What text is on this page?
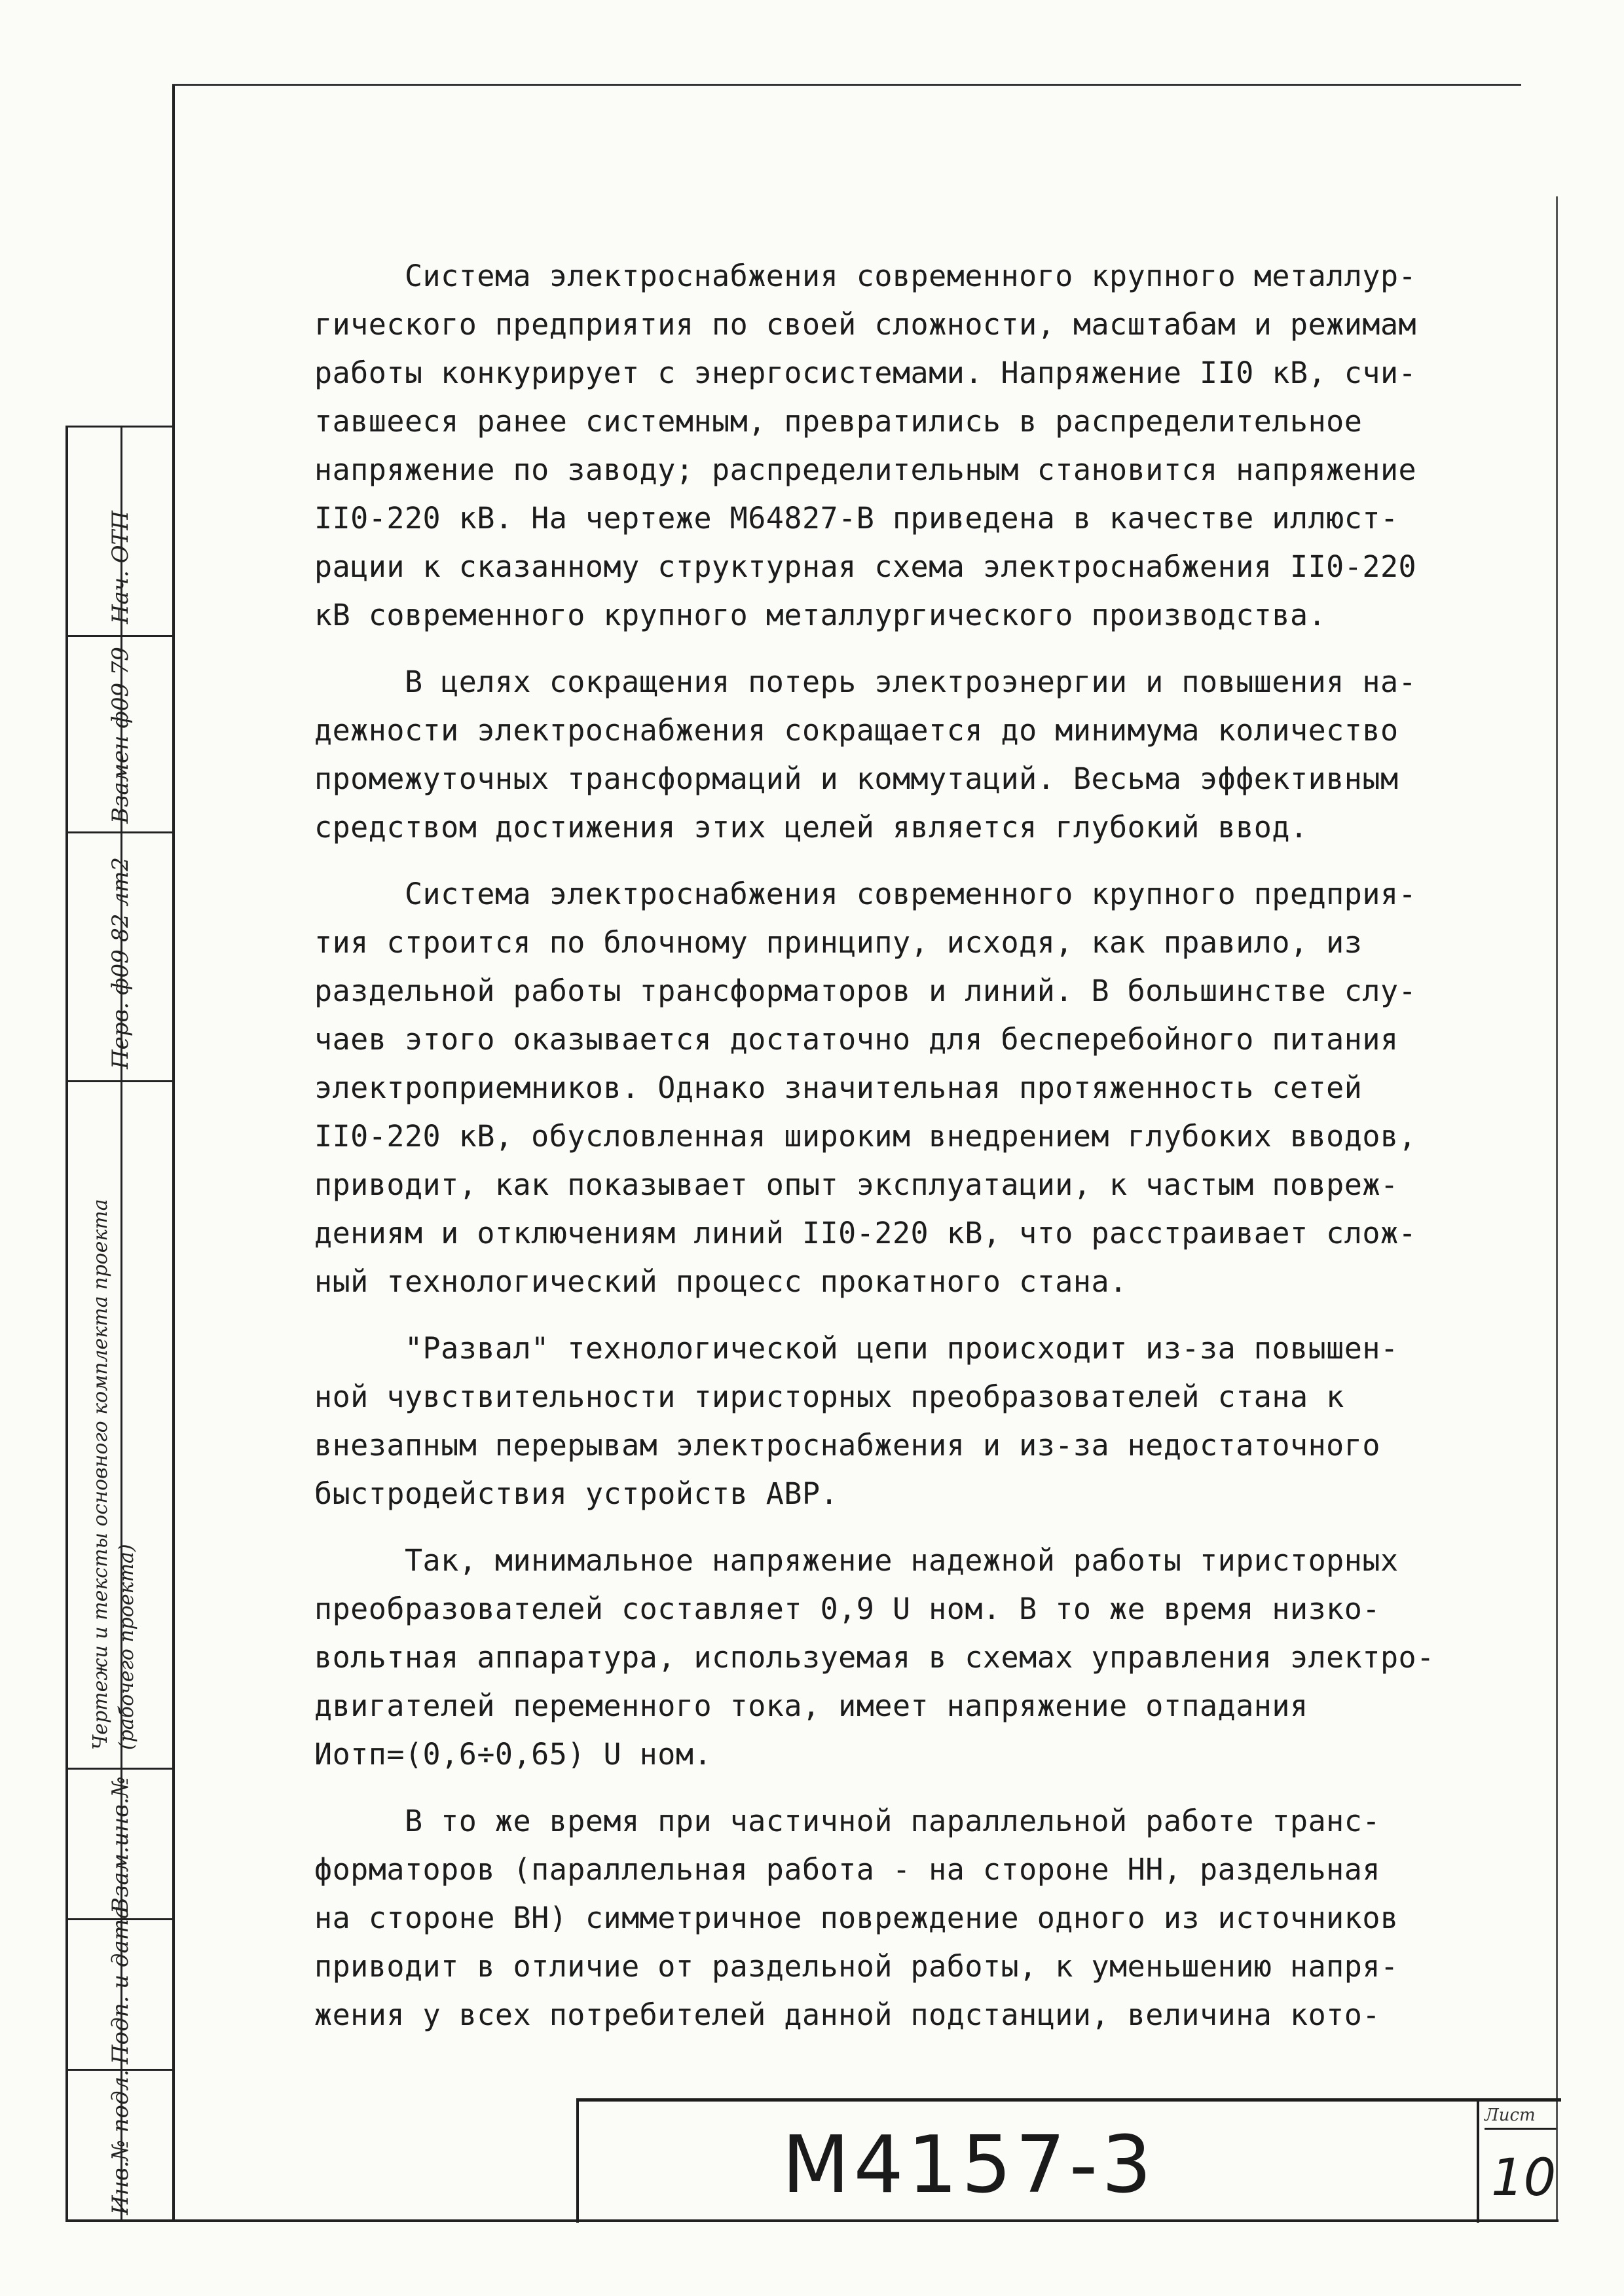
Инв.№ подл.
Подп. и дата
Взам.инв.№
Чертежи и тексты основного комплекта проекта (рабочего проекта)
Перв. ф09-82 лт2
Взамен ф09-79
Нач. ОТП
Система электроснабжения современного крупного металлур-
гического предприятия по своей сложности, масштабам и режимам
работы конкурирует с энергосистемами. Напряжение II0 кВ, счи-
тавшееся ранее системным, превратились в распределительное
напряжение по заводу; распределительным становится напряжение
II0-220 кВ. На чертеже М64827-В приведена в качестве иллюст-
рации к сказанному структурная схема электроснабжения II0-220
кВ современного крупного металлургического производства.
В целях сокращения потерь электроэнергии и повышения на-
дежности электроснабжения сокращается до минимума количество
промежуточных трансформаций и коммутаций. Весьма эффективным
средством достижения этих целей является глубокий ввод.
Система электроснабжения современного крупного предприя-
тия строится по блочному принципу, исходя, как правило, из
раздельной работы трансформаторов и линий. В большинстве слу-
чаев этого оказывается достаточно для бесперебойного питания
электроприемников. Однако значительная протяженность сетей
II0-220 кВ, обусловленная широким внедрением глубоких вводов,
приводит, как показывает опыт эксплуатации, к частым повреж-
дениям и отключениям линий II0-220 кВ, что расстраивает слож-
ный технологический процесс прокатного стана.
"Развал" технологической цепи происходит из-за повышен-
ной чувствительности тиристорных преобразователей стана к
внезапным перерывам электроснабжения и из-за недостаточного
быстродействия устройств АВР.
Так, минимальное напряжение надежной работы тиристорных
преобразователей составляет 0,9 U ном. В то же время низко-
вольтная аппаратура, используемая в схемах управления электро-
двигателей переменного тока, имеет напряжение отпадания
Иотп=(0,6÷0,65) U ном.
В то же время при частичной параллельной работе транс-
форматоров (параллельная работа - на стороне НН, раздельная
на стороне ВН) симметричное повреждение одного из источников
приводит в отличие от раздельной работы, к уменьшению напря-
жения у всех потребителей данной подстанции, величина кото-
М4157-3
Лист
10
